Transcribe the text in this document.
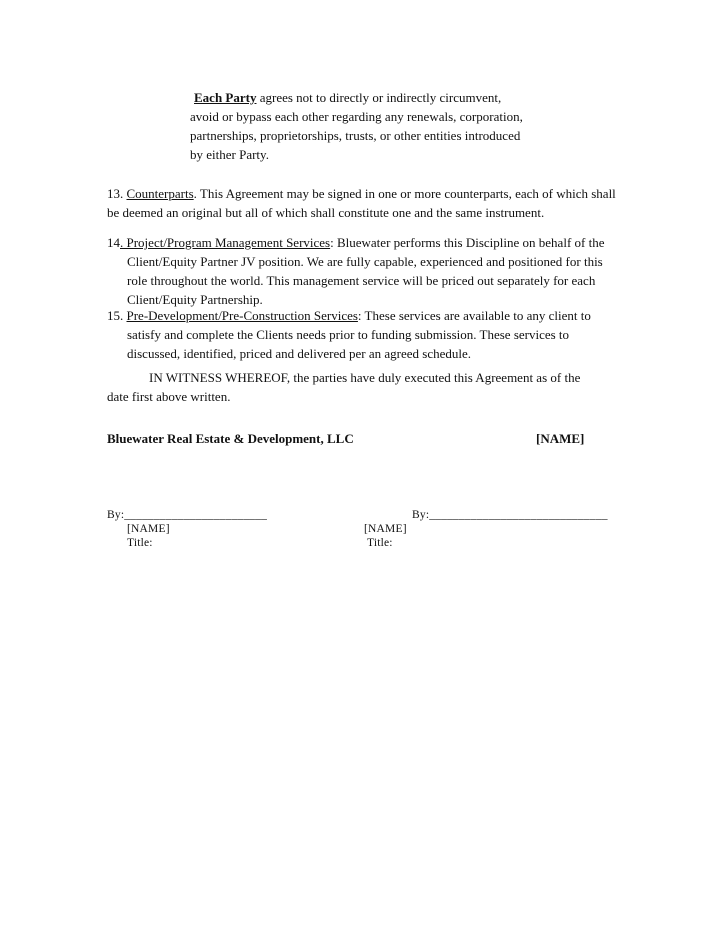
Each Party agrees not to directly or indirectly circumvent,
avoid or bypass each other regarding any renewals, corporation,
partnerships, proprietorships, trusts, or other entities introduced
by either Party.
13. Counterparts. This Agreement may be signed in one or more counterparts, each of which shall
be deemed an original but all of which shall constitute one and the same instrument.
14. Project/Program Management Services: Bluewater performs this Discipline on behalf of the
Client/Equity Partner JV position. We are fully capable, experienced and positioned for this
role throughout the world. This management service will be priced out separately for each
Client/Equity Partnership.
15. Pre-Development/Pre-Construction Services: These services are available to any client to
satisfy and complete the Clients needs prior to funding submission. These services to
discussed, identified, priced and delivered per an agreed schedule.
IN WITNESS WHEREOF, the parties have duly executed this Agreement as of the
date first above written.
Bluewater Real Estate & Development, LLC	[NAME]
By:________________________
[NAME]
Title:
By:______________________________
[NAME]
Title:
